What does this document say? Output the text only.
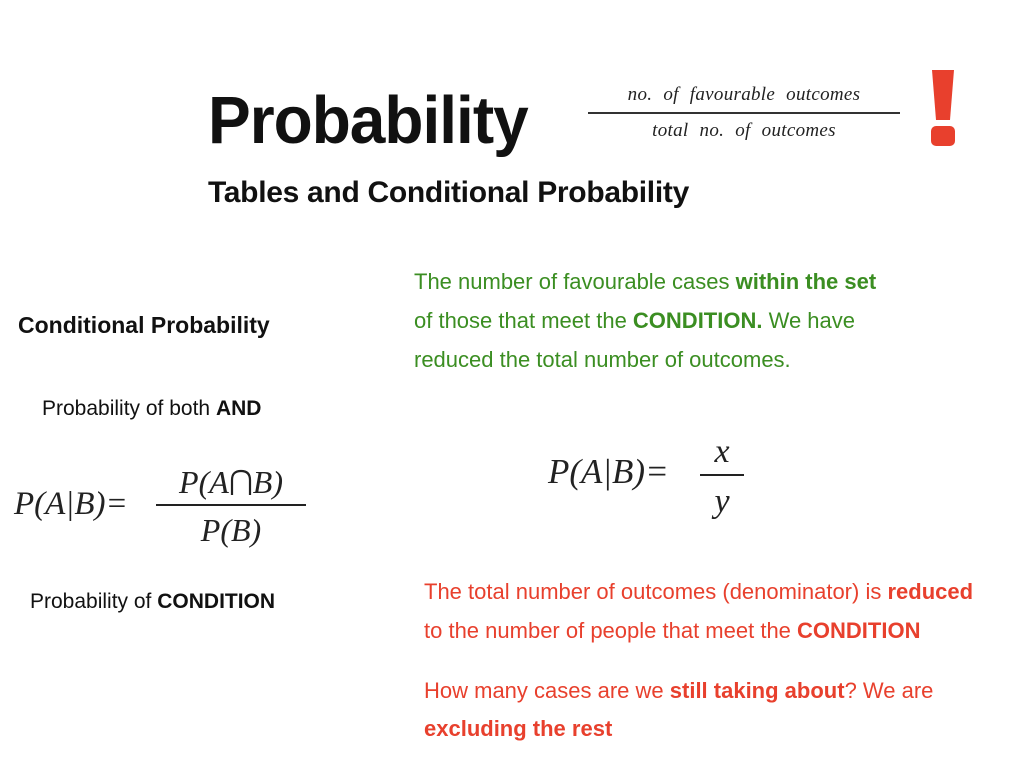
Probability	no. of favourable outcomes
total no. of outcomes
Tables and Conditional Probability
Conditional Probability
Probability of both AND
P(A|B)=
P(A B)
P(B)
Probability of CONDITION
The number of favourable cases within the set of those that meet the CONDITION. We have reduced the total number of outcomes.
P(A|B)=
x
y
The total number of outcomes (denominator) is reduced to the number of people that meet the CONDITION
How many cases are we still taking about? We are excluding the rest
